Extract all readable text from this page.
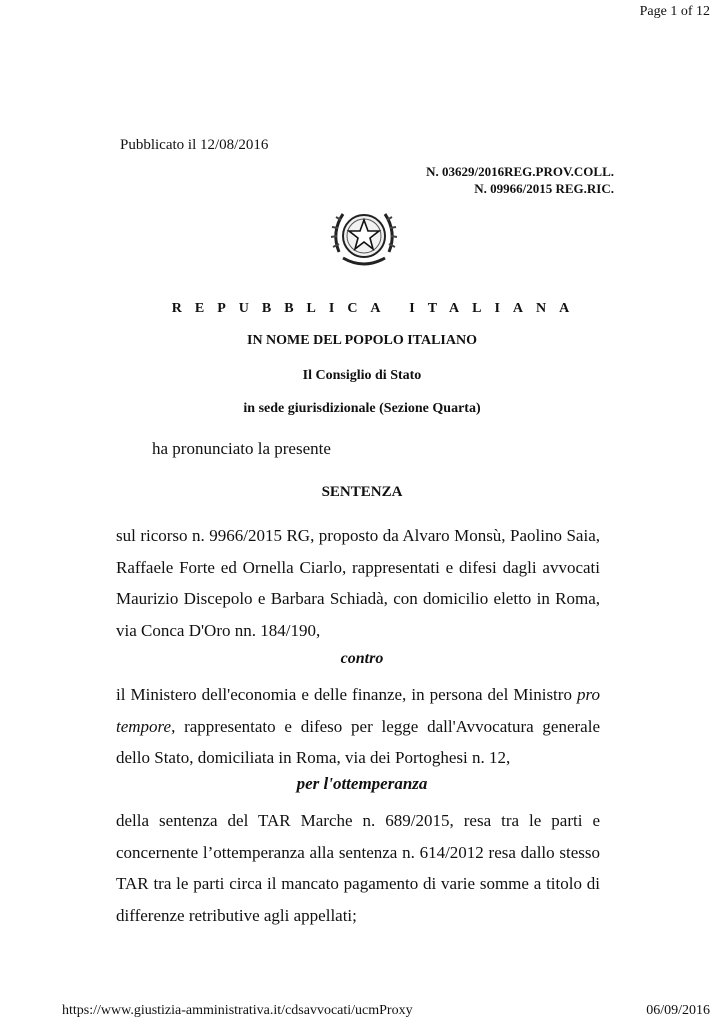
Page 1 of 12
Pubblicato il 12/08/2016
N. 03629/2016REG.PROV.COLL.
N. 09966/2015 REG.RIC.
REPUBBLICA ITALIANA
IN NOME DEL POPOLO ITALIANO
Il Consiglio di Stato
in sede giurisdizionale (Sezione Quarta)
ha pronunciato la presente
SENTENZA
sul ricorso n. 9966/2015 RG, proposto da Alvaro Monsù, Paolino Saia, Raffaele Forte ed Ornella Ciarlo, rappresentati e difesi dagli avvocati Maurizio Discepolo e Barbara Schiadà, con domicilio eletto in Roma, via Conca D'Oro nn. 184/190,
contro
il Ministero dell'economia e delle finanze, in persona del Ministro pro tempore, rappresentato e difeso per legge dall'Avvocatura generale dello Stato, domiciliata in Roma, via dei Portoghesi n. 12,
per l'ottemperanza
della sentenza del TAR Marche n. 689/2015, resa tra le parti e concernente l’ottemperanza alla sentenza n. 614/2012 resa dallo stesso TAR tra le parti circa il mancato pagamento di varie somme a titolo di differenze retributive agli appellati;
https://www.giustizia-amministrativa.it/cdsavvocati/ucmProxy	06/09/2016
